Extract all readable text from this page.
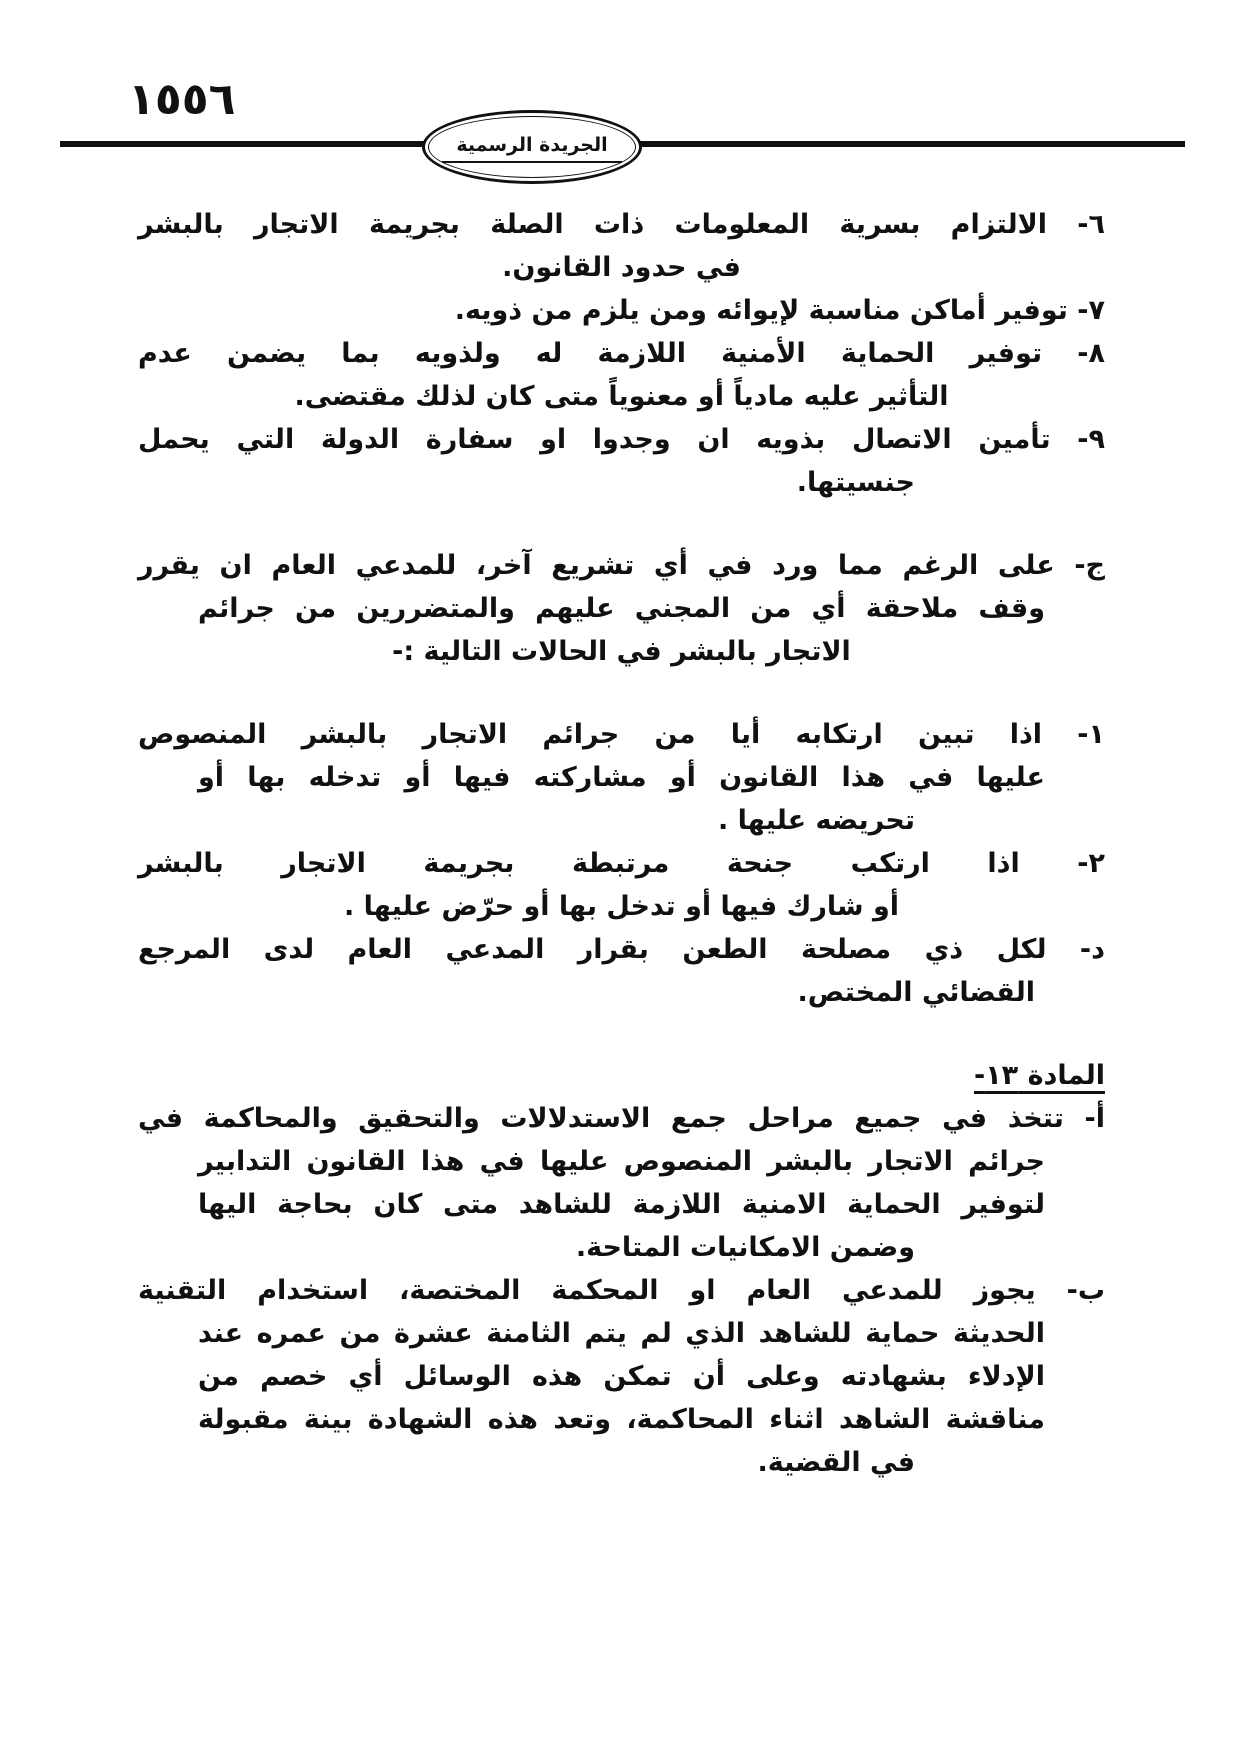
١٥٥٦
الجريدة الرسمية
٦- الالتزام بسرية المعلومات ذات الصلة بجريمة الاتجار بالبشر
في حدود القانون.
٧- توفير أماكن مناسبة لإيوائه ومن يلزم من ذويه.
٨- توفير الحماية الأمنية اللازمة له ولذويه بما يضمن عدم
التأثير عليه مادياً أو معنوياً متى كان لذلك مقتضى.
٩- تأمين الاتصال بذويه ان وجدوا او سفارة الدولة التي يحمل
جنسيتها.
ج- على الرغم مما ورد في أي تشريع آخر، للمدعي العام ان يقرر
وقف ملاحقة أي من المجني عليهم والمتضررين من جرائم
الاتجار بالبشر في الحالات التالية :-
١- اذا تبين ارتكابه أيا من جرائم الاتجار بالبشر المنصوص
عليها في هذا القانون أو مشاركته فيها أو تدخله بها أو
تحريضه عليها .
٢- اذا ارتكب جنحة مرتبطة بجريمة الاتجار بالبشر
أو شارك فيها أو تدخل بها أو حرّض عليها .
د- لكل ذي مصلحة الطعن بقرار المدعي العام لدى المرجع
القضائي المختص.
المادة ١٣-
أ- تتخذ في جميع مراحل جمع الاستدلالات والتحقيق والمحاكمة في
جرائم الاتجار بالبشر المنصوص عليها في هذا القانون التدابير
لتوفير الحماية الامنية اللازمة للشاهد متى كان بحاجة اليها
وضمن الامكانيات المتاحة.
ب- يجوز للمدعي العام او المحكمة المختصة، استخدام التقنية
الحديثة حماية للشاهد الذي لم يتم الثامنة عشرة من عمره عند
الإدلاء بشهادته وعلى أن تمكن هذه الوسائل أي خصم من
مناقشة الشاهد اثناء المحاكمة، وتعد هذه الشهادة بينة مقبولة
في القضية.
